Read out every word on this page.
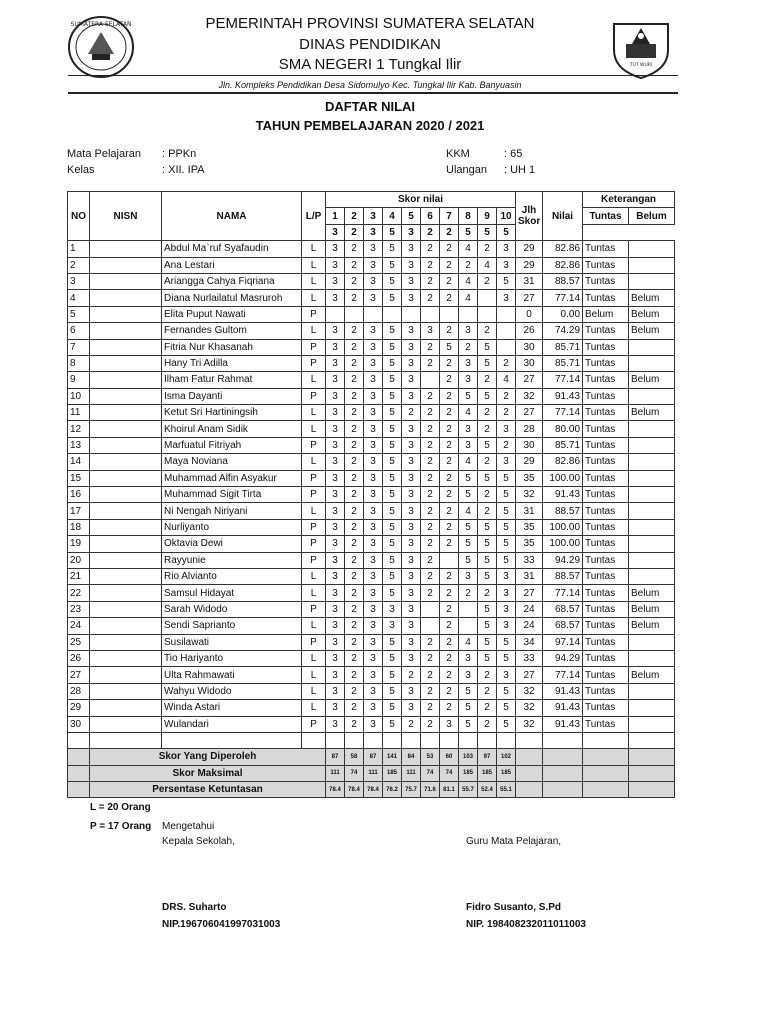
SUMATERA SELATAN
TUT WURI
PEMERINTAH PROVINSI SUMATERA SELATAN
DINAS PENDIDIKAN
SMA NEGERI 1 Tungkal Ilir
Jln. Kompleks Pendidikan Desa Sidomulyo Kec. Tungkal Ilir Kab. Banyuasin
DAFTAR NILAI
TAHUN PEMBELAJARAN 2020 / 2021
Mata Pelajaran : PPKn
Kelas	: XII. IPA
KKM	: 65
Ulangan : UH 1
NO	NISN	NAMA	L/P	Skor nilai										Jlh
Skor	Nilai	Keterangan	
				1	2	3	4	5	6	7	8	9	10			Tuntas	Belum
				3	2	3	5	3	2	2	5	5	5			
1		Abdul Ma`ruf Syafaudin	L	3	2	3	5	3	2	2	4	2	3	29	82.86	Tuntas	
2		Ana Lestari	L	3	2	3	5	3	2	2	2	4	3	29	82.86	Tuntas	
3		Ariangga Cahya Fiqriana	L	3	2	3	5	3	2	2	4	2	5	31	88.57	Tuntas	
4		Diana Nurlailatul Masruroh	L	3	2	3	5	3	2	2	4		3	27	77.14	Tuntas	Belum
5		Elita Puput Nawati	P											0	0.00	Belum	Belum
6		Fernandes Gultom	L	3	2	3	5	3	3	2	3	2		26	74.29	Tuntas	Belum
7		Fitria Nur Khasanah	P	3	2	3	5	3	2	5	2	5		30	85.71	Tuntas	
8		Hany Tri Adilla	P	3	2	3	5	3	2	2	3	5	2	30	85.71	Tuntas	
9		Ilham Fatur Rahmat	L	3	2	3	5	3		2	3	2	4	27	77.14	Tuntas	Belum
10		Isma Dayanti	P	3	2	3	5	3	2	2	5	5	2	32	91.43	Tuntas	
11		Ketut Sri Hartiningsih	L	3	2	3	5	2	2	2	4	2	2	27	77.14	Tuntas	Belum
12		Khoirul Anam Sidik	L	3	2	3	5	3	2	2	3	2	3	28	80.00	Tuntas	
13		Marfuatul Fitriyah	P	3	2	3	5	3	2	2	3	5	2	30	85.71	Tuntas	
14		Maya Noviana	L	3	2	3	5	3	2	2	4	2	3	29	82.86	Tuntas	
15		Muhammad Alfin Asyakur	P	3	2	3	5	3	2	2	5	5	5	35	100.00	Tuntas	
16		Muhammad Sigit Tirta	P	3	2	3	5	3	2	2	5	2	5	32	91.43	Tuntas	
17		Ni Nengah Niriyani	L	3	2	3	5	3	2	2	4	2	5	31	88.57	Tuntas	
18		Nurliyanto	P	3	2	3	5	3	2	2	5	5	5	35	100.00	Tuntas	
19		Oktavia Dewi	P	3	2	3	5	3	2	2	5	5	5	35	100.00	Tuntas	
20		Rayyunie	P	3	2	3	5	3	2		5	5	5	33	94.29	Tuntas	
21		Rio Alvianto	L	3	2	3	5	3	2	2	3	5	3	31	88.57	Tuntas	
22		Samsul Hidayat	L	3	2	3	5	3	2	2	2	2	3	27	77.14	Tuntas	Belum
23		Sarah Widodo	P	3	2	3	3	3		2		5	3	24	68.57	Tuntas	Belum
24		Sendi Saprianto	L	3	2	3	3	3		2		5	3	24	68.57	Tuntas	Belum
25		Susilawati	P	3	2	3	5	3	2	2	4	5	5	34	97.14	Tuntas	
26		Tio Hariyanto	L	3	2	3	5	3	2	2	3	5	5	33	94.29	Tuntas	
27		Ulta Rahmawati	L	3	2	3	5	2	2	2	3	2	3	27	77.14	Tuntas	Belum
28		Wahyu Widodo	L	3	2	3	5	3	2	2	5	2	5	32	91.43	Tuntas	
29		Winda Astari	L	3	2	3	5	3	2	2	5	2	5	32	91.43	Tuntas	
30		Wulandari	P	3	2	3	5	2	2	3	5	2	5	32	91.43	Tuntas	

	Skor Yang Diperoleh			87	58	87	141	84	53	60	103	97	102				
	Skor Maksimal			111	74	111	185	111	74	74	185	185	185				
	Persentase Ketuntasan			78.4	78.4	78.4	76.2	75.7	71.6	81.1	55.7	52.4	55.1				
L = 20 Orang
P = 17 Orang Mengetahui
Kepala Sekolah,	Guru Mata Pelajaran,
DRS. Suharto
NIP.196706041997031003
Fidro Susanto, S.Pd
NIP. 198408232011011003
